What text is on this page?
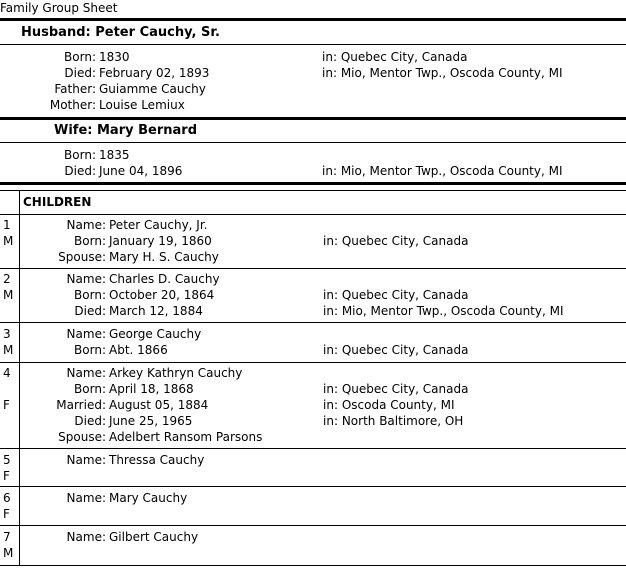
Family Group Sheet
Husband: Peter Cauchy, Sr.
Born: 1830	in: Quebec City, Canada
Died: February 02, 1893	in: Mio, Mentor Twp., Oscoda County, MI
Father: Guiamme Cauchy
Mother: Louise Lemiux
Wife: Mary Bernard
Born: 1835
Died: June 04, 1896	in: Mio, Mentor Twp., Oscoda County, MI
CHILDREN
1
M
Name: Peter Cauchy, Jr.
Born: January 19, 1860	in: Quebec City, Canada
Spouse: Mary H. S. Cauchy
2
M
Name: Charles D. Cauchy
Born: October 20, 1864	in: Quebec City, Canada
Died: March 12, 1884	in: Mio, Mentor Twp., Oscoda County, MI
3
M
Name: George Cauchy
Born: Abt. 1866	in: Quebec City, Canada
4
F
Name: Arkey Kathryn Cauchy
Born: April 18, 1868	in: Quebec City, Canada
Married: August 05, 1884	in: Oscoda County, MI
Died: June 25, 1965	in: North Baltimore, OH
Spouse: Adelbert Ransom Parsons
5
F
Name: Thressa Cauchy
6
F
Name: Mary Cauchy
7
M
Name: Gilbert Cauchy
